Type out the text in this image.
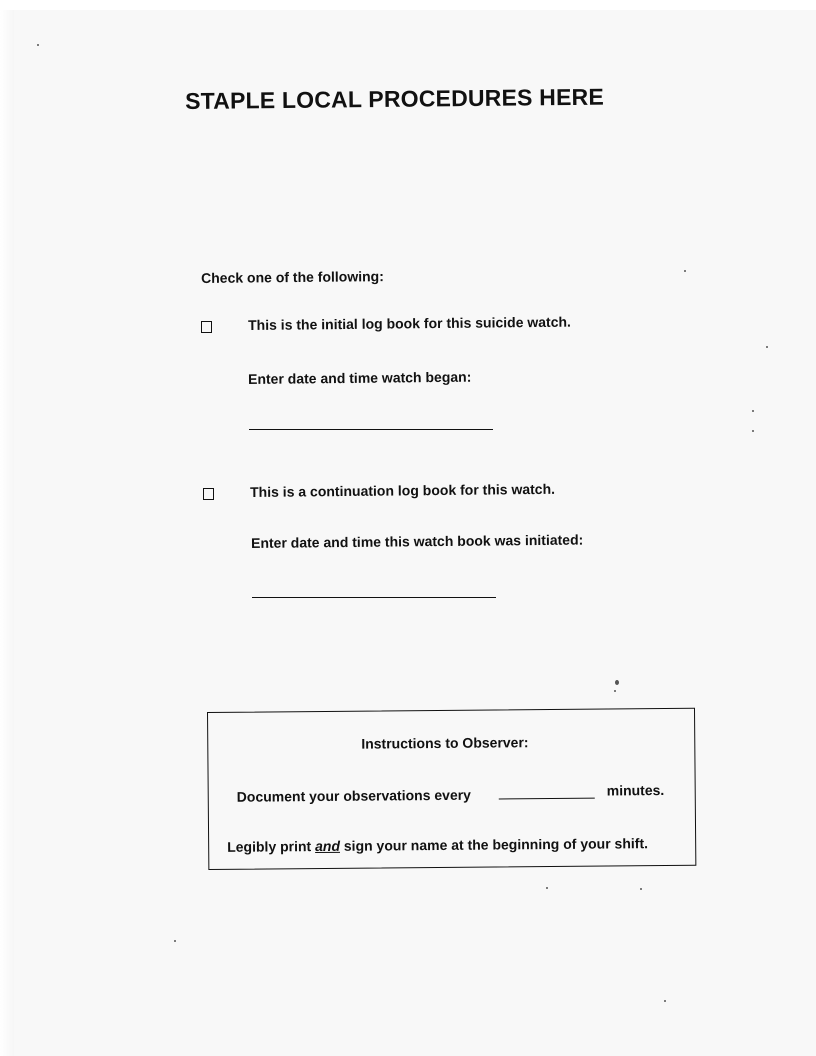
STAPLE LOCAL PROCEDURES HERE
Check one of the following:
This is the initial log book for this suicide watch.
Enter date and time watch began:
This is a continuation log book for this watch.
Enter date and time this watch book was initiated:
Instructions to Observer:
Document your observations every	minutes.
Legibly print and sign your name at the beginning of your shift.
